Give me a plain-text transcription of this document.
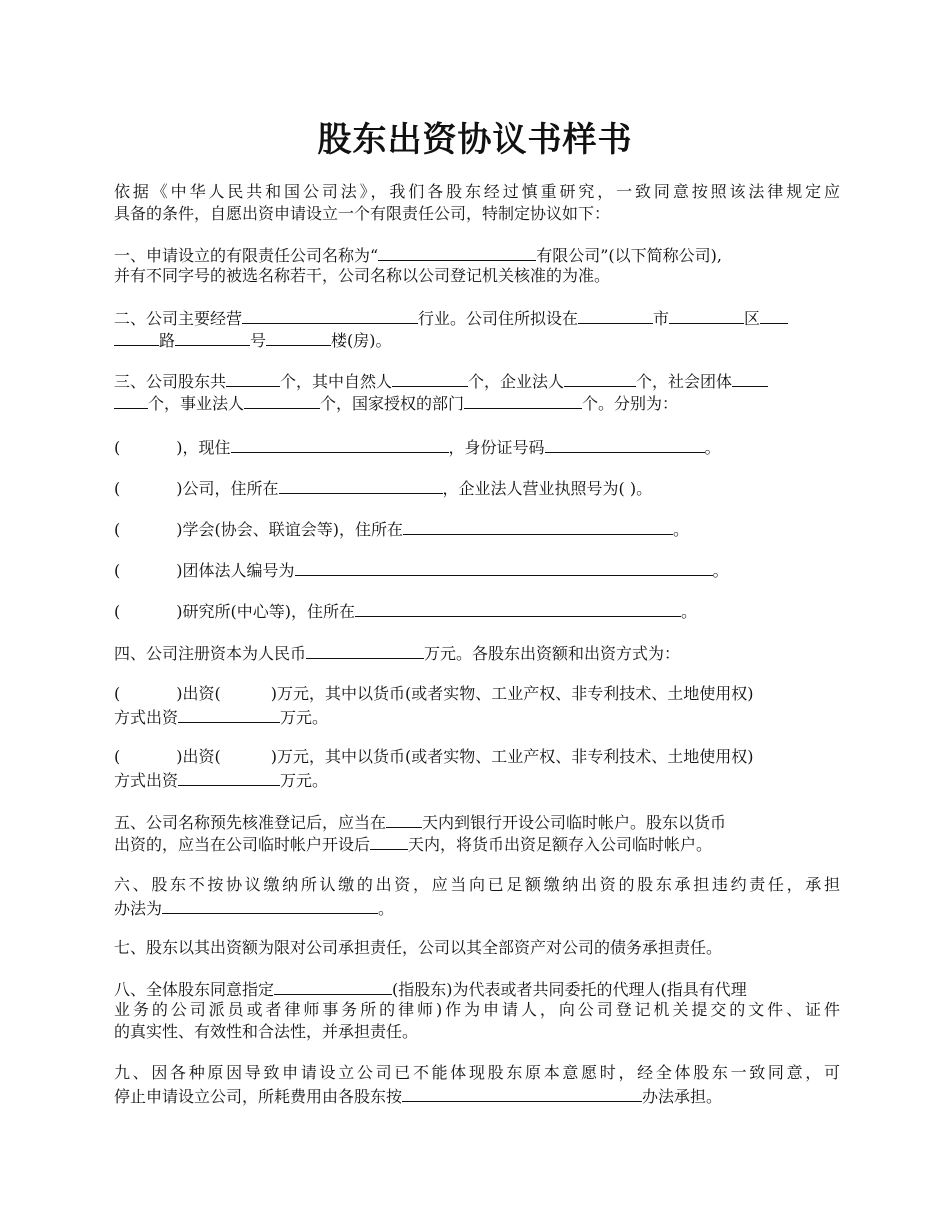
股东出资协议书样书
依据《中华人民共和国公司法》，我们各股东经过慎重研究，一致同意按照该法律规定应
具备的条件，自愿出资申请设立一个有限责任公司，特制定协议如下：
一、申请设立的有限责任公司名称为“	有限公司”(以下简称公司),
并有不同字号的被选名称若干，公司名称以公司登记机关核准的为准。
二、公司主要经营	行业。公司住所拟设在	市	区
路	号	楼(房)。
三、公司股东共	个，其中自然人	个，企业法人	个，社会团体
个，事业法人	个，国家授权的部门	个。分别为：
(	)，现住	，身份证号码	。
(	)公司，住所在	，企业法人营业执照号为( )。
(	)学会(协会、联谊会等)，住所在	。
(	)团体法人编号为	。
(	)研究所(中心等)，住所在	。
四、公司注册资本为人民币	万元。各股东出资额和出资方式为：
(	)出资(	)万元，其中以货币(或者实物、工业产权、非专利技术、土地使用权)
方式出资	万元。
(	)出资(	)万元，其中以货币(或者实物、工业产权、非专利技术、土地使用权)
方式出资	万元。
五、公司名称预先核准登记后，应当在 天内到银行开设公司临时帐户。股东以货币
出资的，应当在公司临时帐户开设后 天内，将货币出资足额存入公司临时帐户。
六、股东不按协议缴纳所认缴的出资，应当向已足额缴纳出资的股东承担违约责任，承担
办法为	。
七、股东以其出资额为限对公司承担责任，公司以其全部资产对公司的债务承担责任。
八、全体股东同意指定	(指股东)为代表或者共同委托的代理人(指具有代理
业务的公司派员或者律师事务所的律师)作为申请人，向公司登记机关提交的文件、证件
的真实性、有效性和合法性，并承担责任。
九、因各种原因导致申请设立公司已不能体现股东原本意愿时，经全体股东一致同意，可
停止申请设立公司，所耗费用由各股东按	办法承担。
